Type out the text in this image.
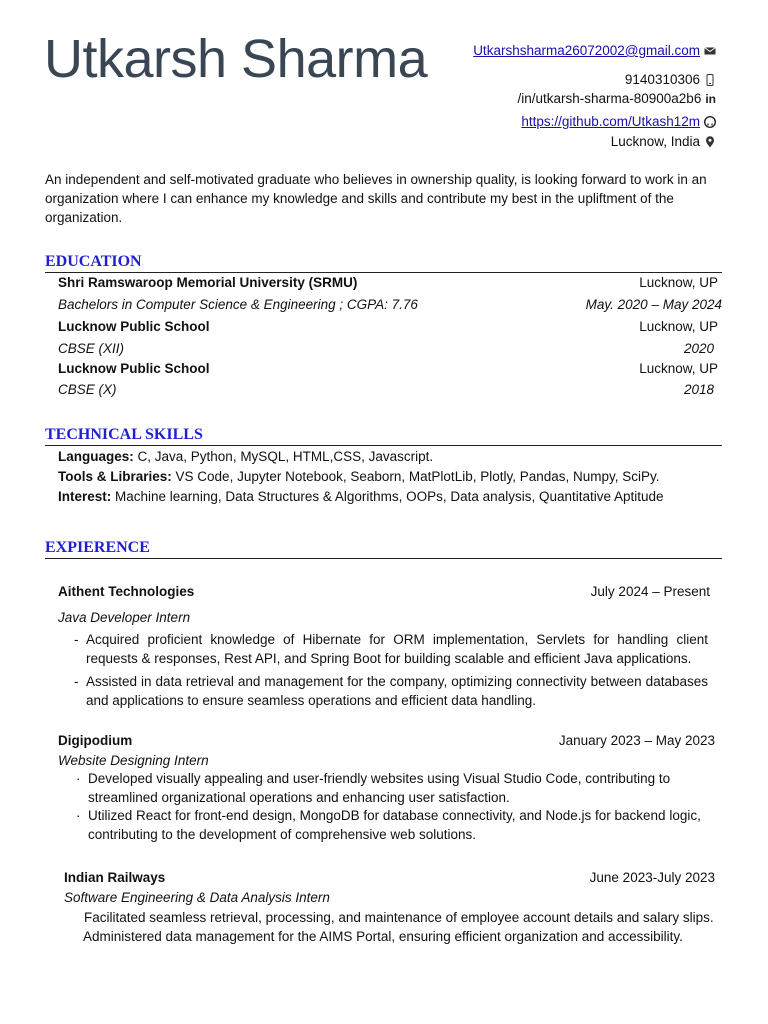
Utkarsh Sharma	Utkarshsharma26072002@gmail.com
9140310306
/in/utkarsh-sharma-80900a2b6 in
https://github.com/Utkash12m
Lucknow, India
An independent and self-motivated graduate who believes in ownership quality, is looking forward to work in an organization where I can enhance my knowledge and skills and contribute my best in the upliftment of the organization.
EDUCATION
Shri Ramswaroop Memorial University (SRMU)	Lucknow, UP
Bachelors in Computer Science & Engineering ; CGPA: 7.76	May. 2020 – May 2024
Lucknow Public School	Lucknow, UP
CBSE (XII)	2020
Lucknow Public School	Lucknow, UP
CBSE (X)	2018
TECHNICAL SKILLS
Languages: C, Java, Python, MySQL, HTML,CSS, Javascript.
Tools & Libraries: VS Code, Jupyter Notebook, Seaborn, MatPlotLib, Plotly, Pandas, Numpy, SciPy.
Interest: Machine learning, Data Structures & Algorithms, OOPs, Data analysis, Quantitative Aptitude
EXPIERENCE
Aithent Technologies	July 2024 – Present
Java Developer Intern
- Acquired proficient knowledge of Hibernate for ORM implementation, Servlets for handling client requests & responses, Rest API, and Spring Boot for building scalable and efficient Java applications.
- Assisted in data retrieval and management for the company, optimizing connectivity between databases and applications to ensure seamless operations and efficient data handling.
Digipodium	January 2023 – May 2023
Website Designing Intern
· Developed visually appealing and user-friendly websites using Visual Studio Code, contributing to streamlined organizational operations and enhancing user satisfaction.
· Utilized React for front-end design, MongoDB for database connectivity, and Node.js for backend logic, contributing to the development of comprehensive web solutions.
Indian Railways	June 2023-July 2023
Software Engineering & Data Analysis Intern
Facilitated seamless retrieval, processing, and maintenance of employee account details and salary slips.
Administered data management for the AIMS Portal, ensuring efficient organization and accessibility.
